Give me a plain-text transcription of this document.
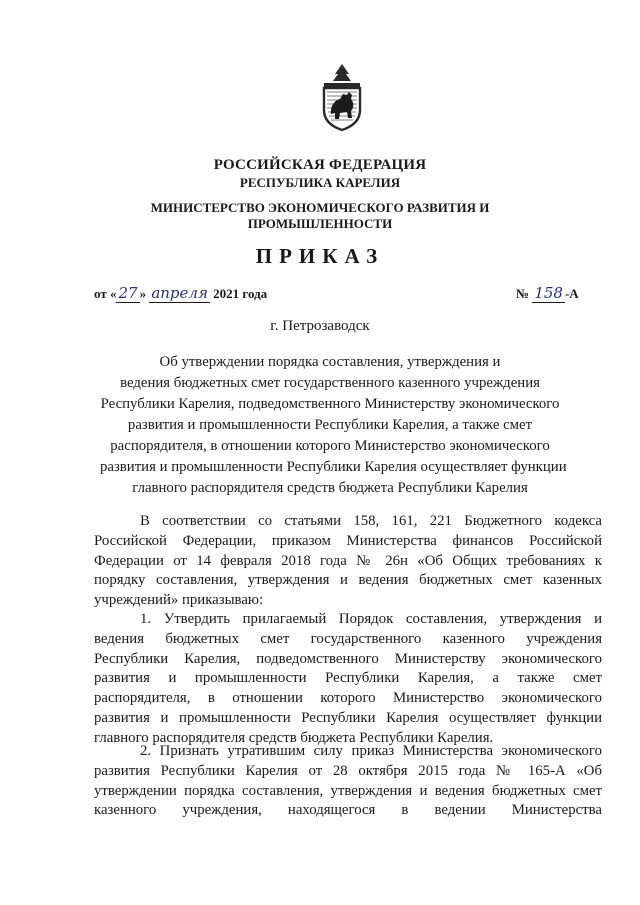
РОССИЙСКАЯ ФЕДЕРАЦИЯ
РЕСПУБЛИКА КАРЕЛИЯ
МИНИСТЕРСТВО ЭКОНОМИЧЕСКОГО РАЗВИТИЯ И
ПРОМЫШЛЕННОСТИ
ПРИКАЗ
от « 27 » апреля 2021 года	№ 158 -А
г. Петрозаводск
Об утверждении порядка составления, утверждения и
ведения бюджетных смет государственного казенного учреждения
Республики Карелия, подведомственного Министерству экономического
развития и промышленности Республики Карелия, а также смет
распорядителя, в отношении которого Министерство экономического
развития и промышленности Республики Карелия осуществляет функции
главного распорядителя средств бюджета Республики Карелия
В соответствии со статьями 158, 161, 221 Бюджетного кодекса
Российской Федерации, приказом Министерства финансов Российской
Федерации от 14 февраля 2018 года № 26н «Об Общих требованиях к
порядку составления, утверждения и ведения бюджетных смет казенных
учреждений» приказываю:
1. Утвердить прилагаемый Порядок составления, утверждения и
ведения бюджетных смет государственного казенного учреждения
Республики Карелия, подведомственного Министерству экономического
развития и промышленности Республики Карелия, а также смет
распорядителя, в отношении которого Министерство экономического
развития и промышленности Республики Карелия осуществляет функции
главного распорядителя средств бюджета Республики Карелия.
2. Признать утратившим силу приказ Министерства экономического
развития Республики Карелия от 28 октября 2015 года № 165-А «Об
утверждении порядка составления, утверждения и ведения бюджетных смет
казенного учреждения, находящегося в ведении Министерства
